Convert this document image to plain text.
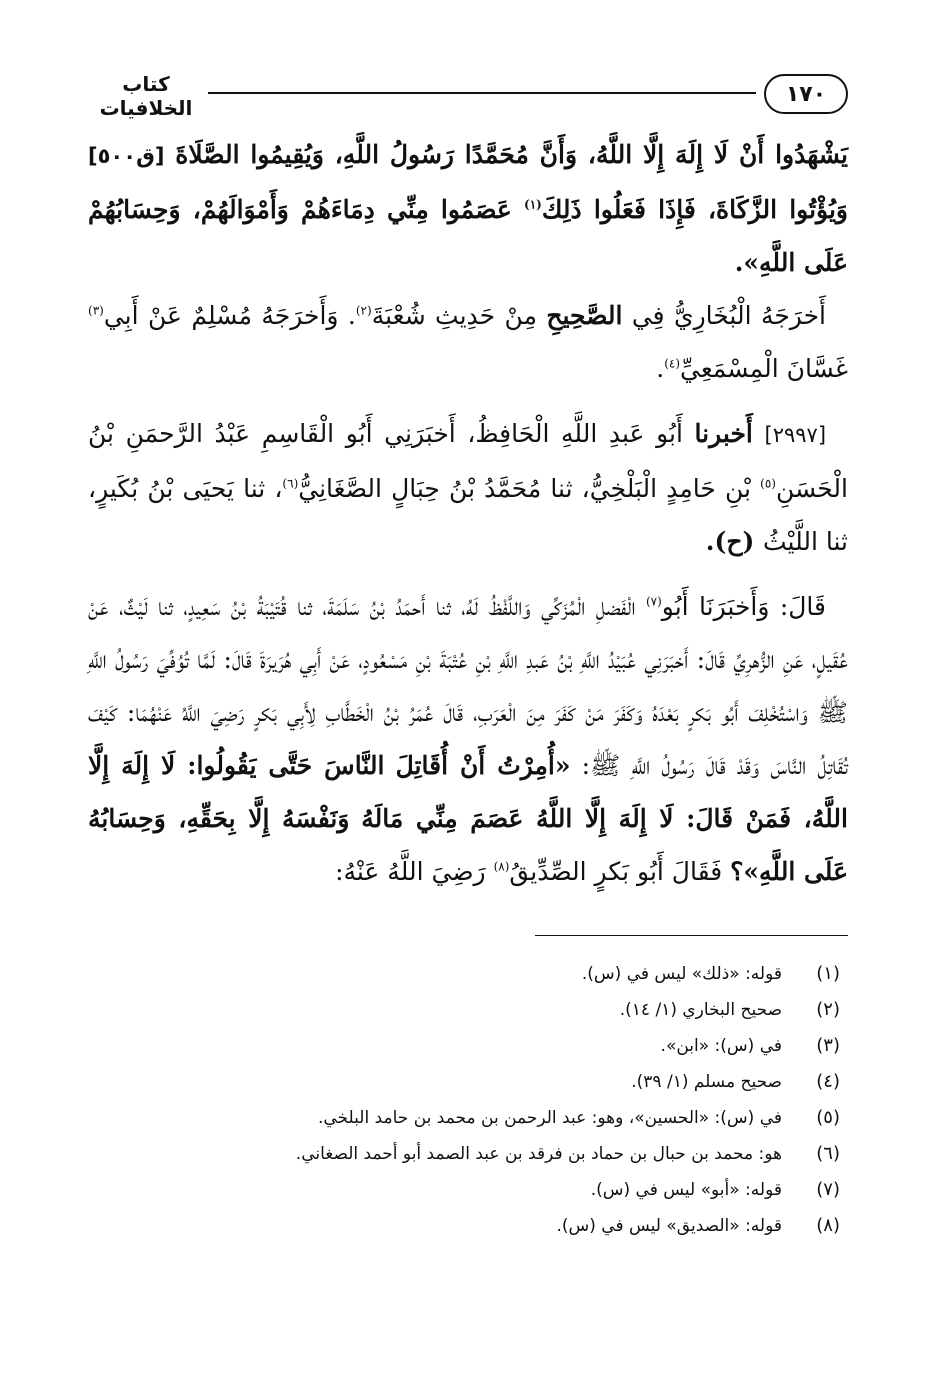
١٧٠
كتاب الخلافيات

يَشْهَدُوا أَنْ لَا إِلَهَ إِلَّا اللَّهُ، وَأَنَّ مُحَمَّدًا رَسُولُ اللَّهِ، وَيُقِيمُوا الصَّلَاةَ [ق٥٠٠] وَيُؤْتُوا الزَّكَاةَ، فَإِذَا فَعَلُوا ذَلِكَ$^{(١)}$ عَصَمُوا مِنِّي دِمَاءَهُمْ وَأَمْوَالَهُمْ، وَحِسَابُهُمْ عَلَى اللَّهِ».

أَخرَجَهُ الْبُخَارِيُّ فِي الصَّحِيحِ مِنْ حَدِيثِ شُعْبَةَ$^{(٢)}$. وَأَخرَجَهُ مُسْلِمٌ عَنْ أَبِي$^{(٣)}$ غَسَّانَ الْمِسْمَعِيِّ$^{(٤)}$.

[٢٩٩٧] أَخبرنا أَبُو عَبدِ اللَّهِ الْحَافِظُ، أَخبَرَنِي أَبُو الْقَاسِمِ عَبْدُ الرَّحمَنِ بْنُ الْحَسَنِ$^{(٥)}$ بْنِ حَامِدٍ الْبَلْخِيُّ، ثنا مُحَمَّدُ بْنُ حِبَالٍ الصَّغَانِيُّ$^{(٦)}$، ثنا يَحيَى بْنُ بُكَيرٍ، ثنا اللَّيْثُ (ح).

قَالَ: وَأَخبَرَنَا أَبُو$^{(٧)}$ الْفَضلِ الْمُزَكِّي وَاللَّفْظُ لَهُ، ثنا أَحمَدُ بْنُ سَلَمَةَ، ثنا قُتَيْبَةُ بْنُ سَعِيدٍ، ثنا لَيْثٌ، عَنْ عُقَيلٍ، عَنِ الزُّهرِيِّ قَالَ: أَخبَرَنِي عُبَيْدُ اللَّهِ بْنُ عَبدِ اللَّهِ بْنِ عُتْبَةَ بْنِ مَسْعُودٍ، عَنْ أَبِي هُرَيرَةَ قَالَ: لَمَّا تُوُفِّيَ رَسُولُ اللَّهِ ﷺ وَاسْتُخْلِفَ أَبُو بَكرٍ بَعْدَهُ وَكَفَرَ مَنْ كَفَرَ مِنَ الْعَرَبِ، قَالَ عُمَرُ بْنُ الْخَطَّابِ لِأَبِي بَكرٍ رَضِيَ اللَّهُ عَنْهُمَا: كَيْفَ تُقَاتِلُ النَّاسَ وَقَدْ قَالَ رَسُولُ اللَّهِ ﷺ: «أُمِرْتُ أَنْ أُقَاتِلَ النَّاسَ حَتَّى يَقُولُوا: لَا إِلَهَ إِلَّا اللَّهُ، فَمَنْ قَالَ: لَا إِلَهَ إِلَّا اللَّهُ عَصَمَ مِنِّي مَالَهُ وَنَفْسَهُ إِلَّا بِحَقِّهِ، وَحِسَابُهُ عَلَى اللَّهِ»؟ فَقَالَ أَبُو بَكرٍ الصِّدِّيقُ$^{(٨)}$ رَضِيَ اللَّهُ عَنْهُ:

(١)
قوله: «ذلك» ليس في (س).
(٢)
صحيح البخاري (١/ ١٤).
(٣)
في (س): «ابن».
(٤)
صحيح مسلم (١/ ٣٩).
(٥)
في (س): «الحسين»، وهو: عبد الرحمن بن محمد بن حامد البلخي.
(٦)
هو: محمد بن حبال بن حماد بن فرقد بن عبد الصمد أبو أحمد الصغاني.
(٧)
قوله: «أبو» ليس في (س).
(٨)
قوله: «الصديق» ليس في (س).
